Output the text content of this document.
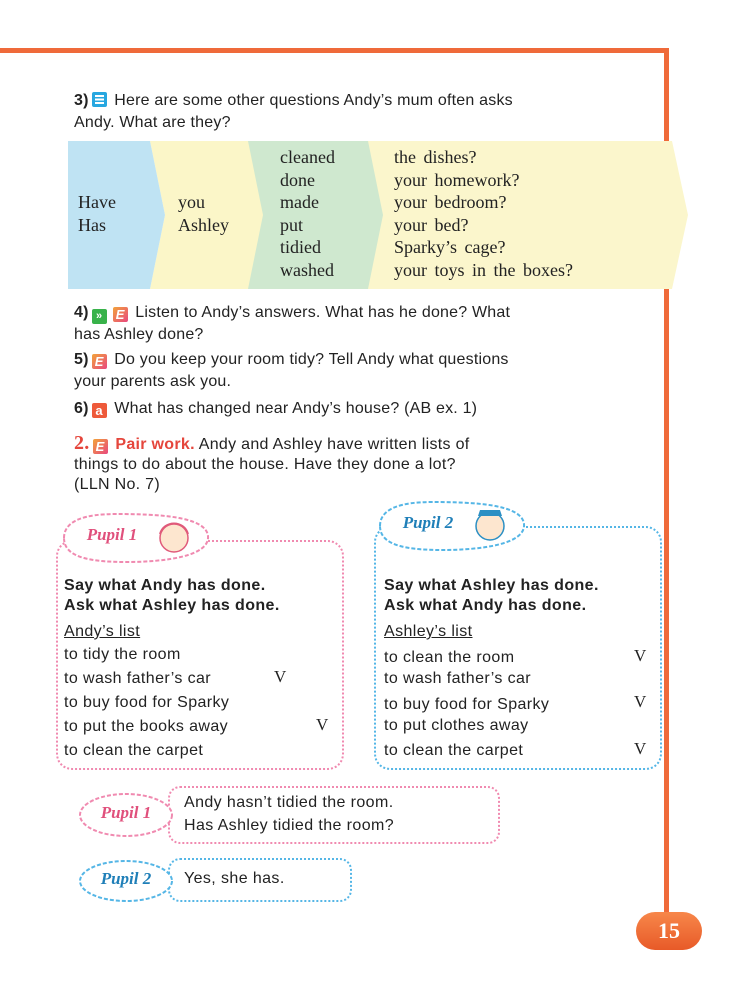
3) Here are some other questions Andy’s mum often asks
Andy. What are they?
Have
Has
you
Ashley
cleaned
done
made
put
tidied
washed
the dishes?
your homework?
your bedroom?
your bed?
Sparky’s cage?
your toys in the boxes?
4) » E Listen to Andy’s answers. What has he done? What
has Ashley done?
5) E Do you keep your room tidy? Tell Andy what questions
your parents ask you.
6) a What has changed near Andy’s house? (AB ex. 1)
2. E Pair work. Andy and Ashley have written lists of
things to do about the house. Have they done a lot?
(LLN No. 7)
Pupil 1
Say what Andy has done.
Ask what Ashley has done.
Andy’s list
to tidy the room
to wash father’s car
to buy food for Sparky
to put the books away
to clean the carpet
V
V
Pupil 2
Say what Ashley has done.
Ask what Andy has done.
Ashley’s list
to clean the room
to wash father’s car
to buy food for Sparky
to put clothes away
to clean the carpet
V
V
V
Pupil 1
Andy hasn’t tidied the room.
Has Ashley tidied the room?
Pupil 2	Yes, she has.
15
